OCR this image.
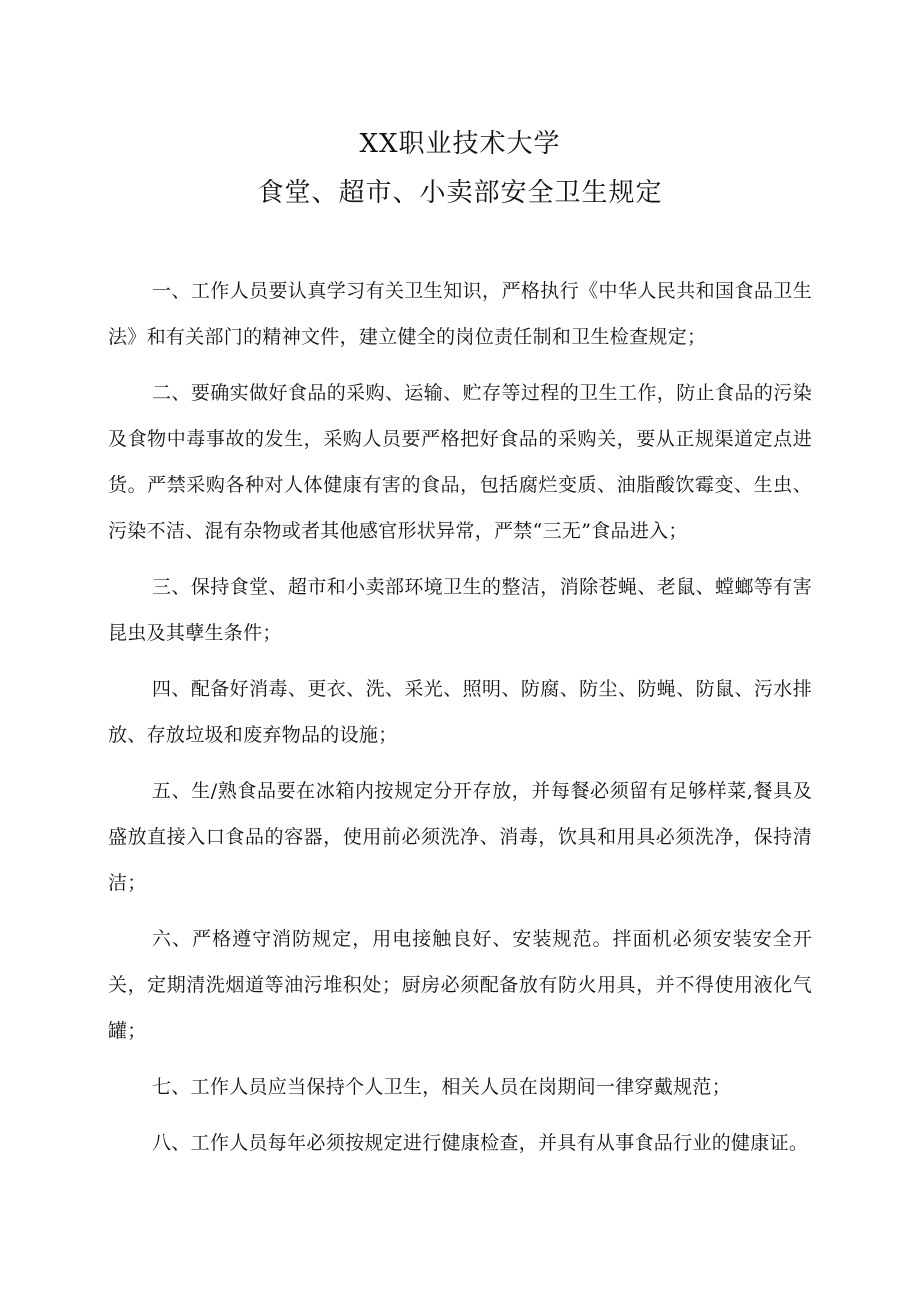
XX职业技术大学
食堂、超市、小卖部安全卫生规定

一、工作人员要认真学习有关卫生知识，严格执行《中华人民共和国食品卫生法》和有关部门的精神文件，建立健全的岗位责任制和卫生检查规定；

二、要确实做好食品的采购、运输、贮存等过程的卫生工作，防止食品的污染及食物中毒事故的发生，采购人员要严格把好食品的采购关，要从正规渠道定点进货。严禁采购各种对人体健康有害的食品，包括腐烂变质、油脂酸饮霉变、生虫、污染不洁、混有杂物或者其他感官形状异常，严禁“三无”食品进入；

三、保持食堂、超市和小卖部环境卫生的整洁，消除苍蝇、老鼠、螳螂等有害昆虫及其孽生条件；

四、配备好消毒、更衣、洗、采光、照明、防腐、防尘、防蝇、防鼠、污水排放、存放垃圾和废弃物品的设施；

五、生/熟食品要在冰箱内按规定分开存放，并每餐必须留有足够样菜,餐具及盛放直接入口食品的容器，使用前必须洗净、消毒，饮具和用具必须洗净，保持清洁；

六、严格遵守消防规定，用电接触良好、安装规范。拌面机必须安装安全开关，定期清洗烟道等油污堆积处；厨房必须配备放有防火用具，并不得使用液化气罐；

七、工作人员应当保持个人卫生，相关人员在岗期间一律穿戴规范；

八、工作人员每年必须按规定进行健康检查，并具有从事食品行业的健康证。
